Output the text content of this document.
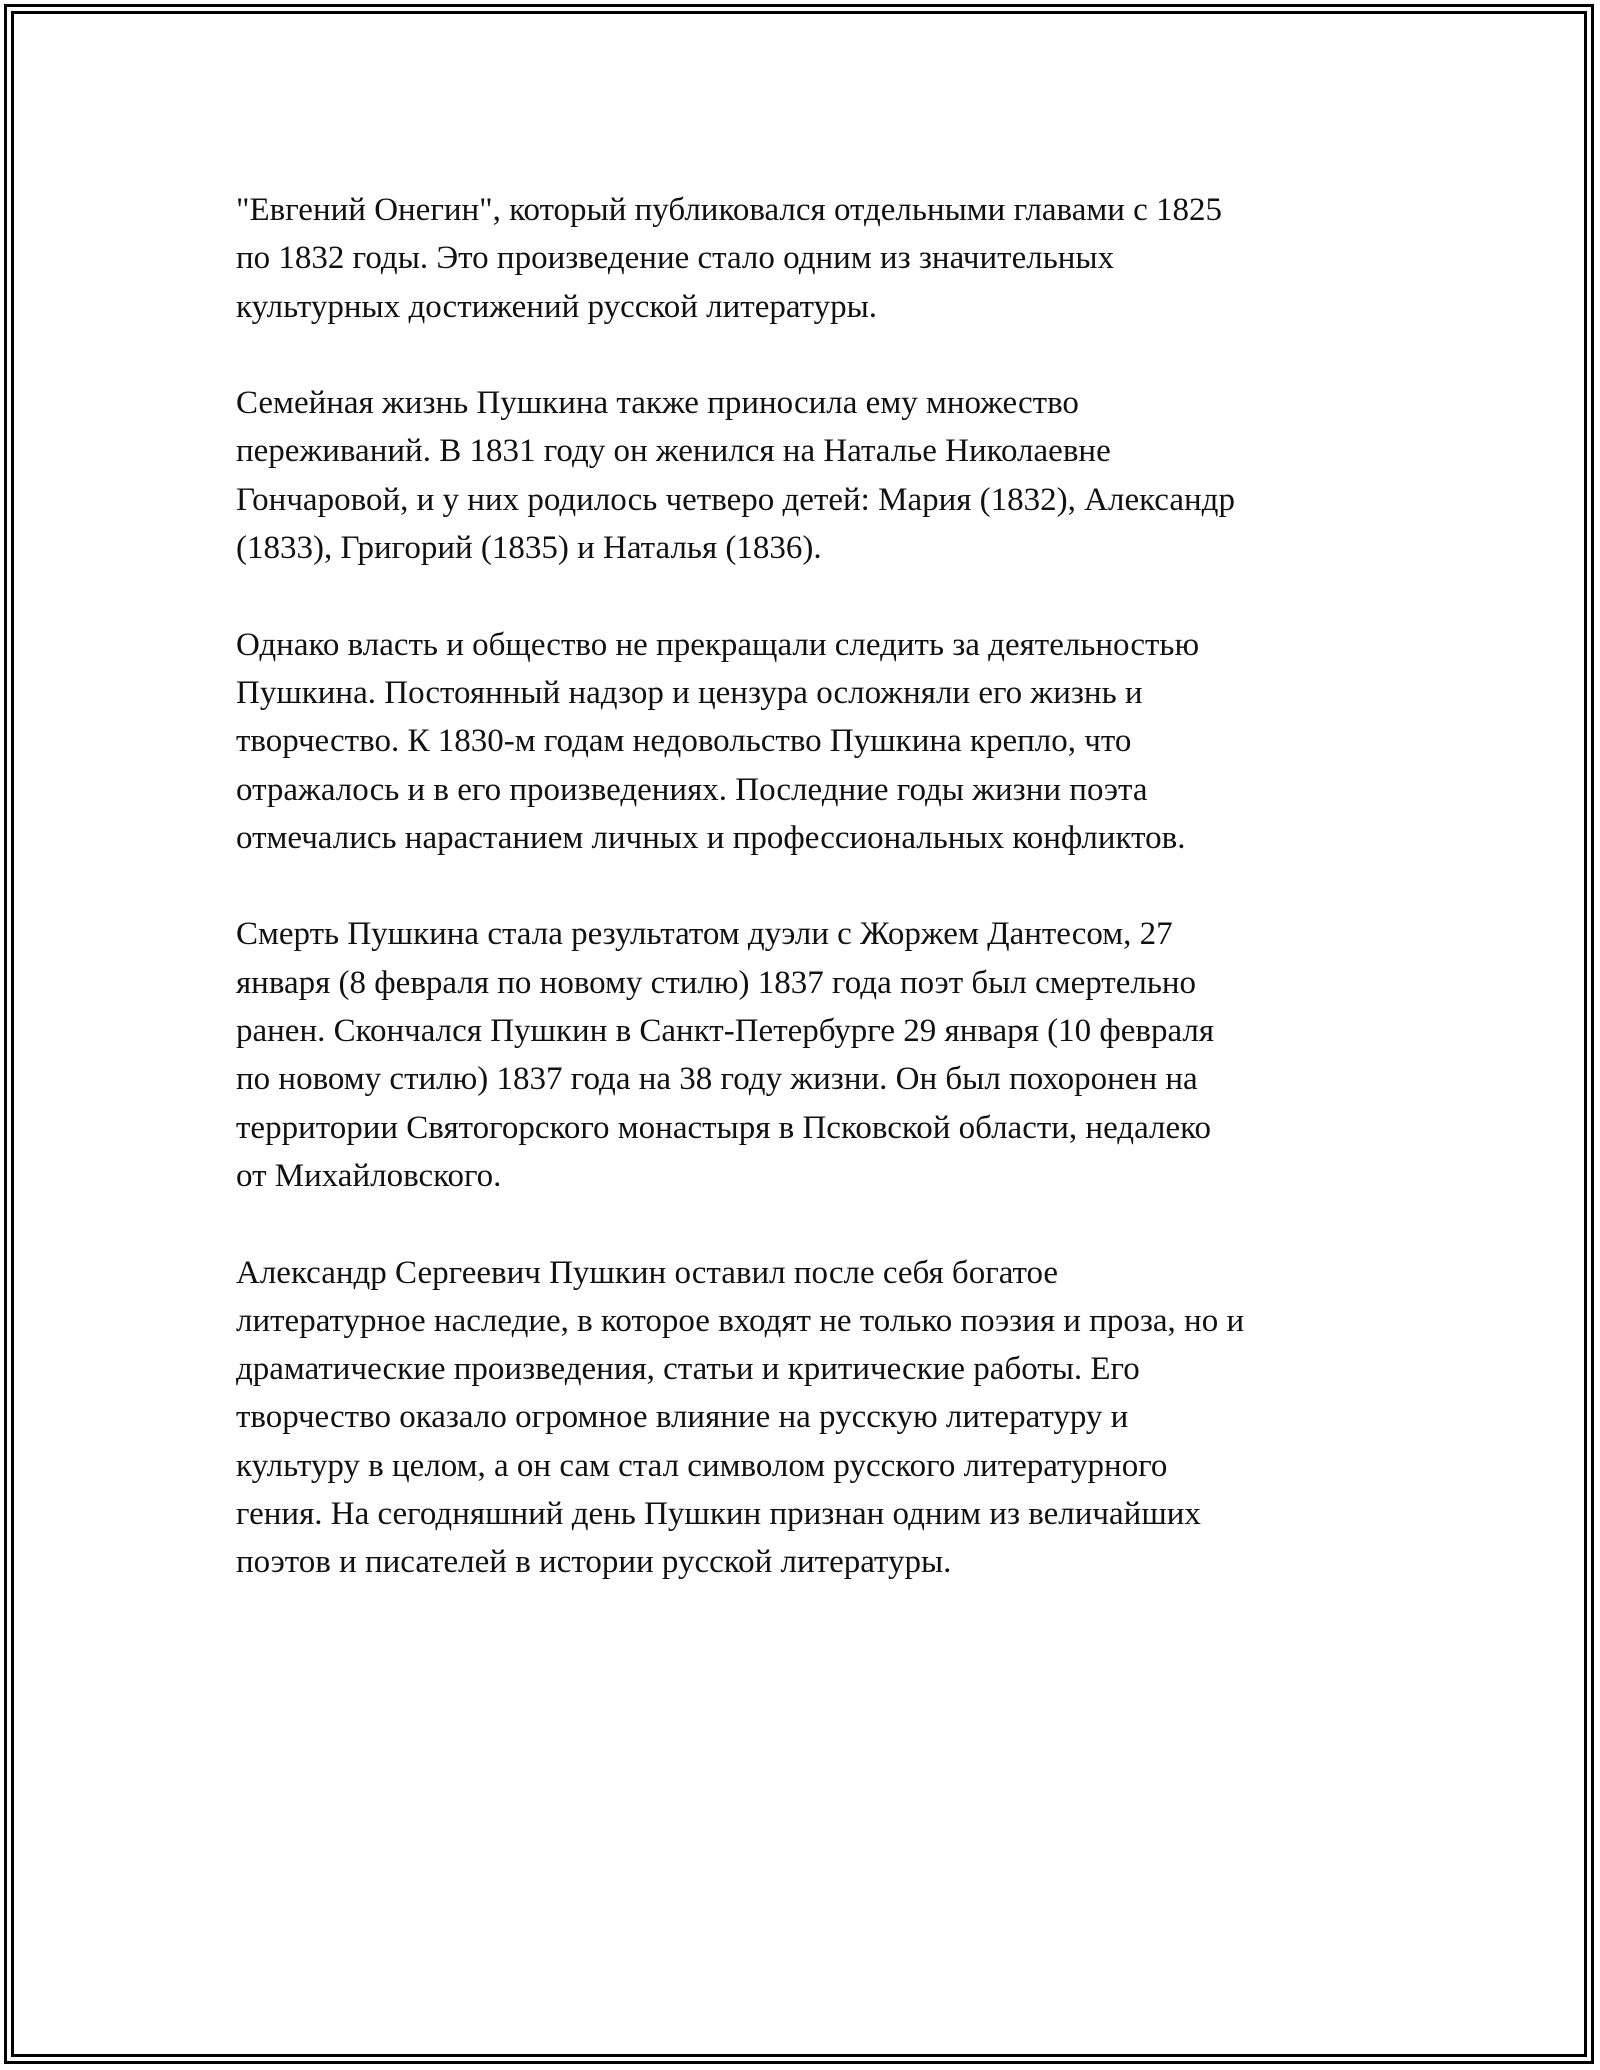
"Евгений Онегин", который публиковался отдельными главами с 1825
по 1832 годы. Это произведение стало одним из значительных
культурных достижений русской литературы.

Семейная жизнь Пушкина также приносила ему множество
переживаний. В 1831 году он женился на Наталье Николаевне
Гончаровой, и у них родилось четверо детей: Мария (1832), Александр
(1833), Григорий (1835) и Наталья (1836).

Однако власть и общество не прекращали следить за деятельностью
Пушкина. Постоянный надзор и цензура осложняли его жизнь и
творчество. К 1830-м годам недовольство Пушкина крепло, что
отражалось и в его произведениях. Последние годы жизни поэта
отмечались нарастанием личных и профессиональных конфликтов.

Смерть Пушкина стала результатом дуэли с Жоржем Дантесом, 27
января (8 февраля по новому стилю) 1837 года поэт был смертельно
ранен. Скончался Пушкин в Санкт-Петербурге 29 января (10 февраля
по новому стилю) 1837 года на 38 году жизни. Он был похоронен на
территории Святогорского монастыря в Псковской области, недалеко
от Михайловского.

Александр Сергеевич Пушкин оставил после себя богатое
литературное наследие, в которое входят не только поэзия и проза, но и
драматические произведения, статьи и критические работы. Его
творчество оказало огромное влияние на русскую литературу и
культуру в целом, а он сам стал символом русского литературного
гения. На сегодняшний день Пушкин признан одним из величайших
поэтов и писателей в истории русской литературы.
